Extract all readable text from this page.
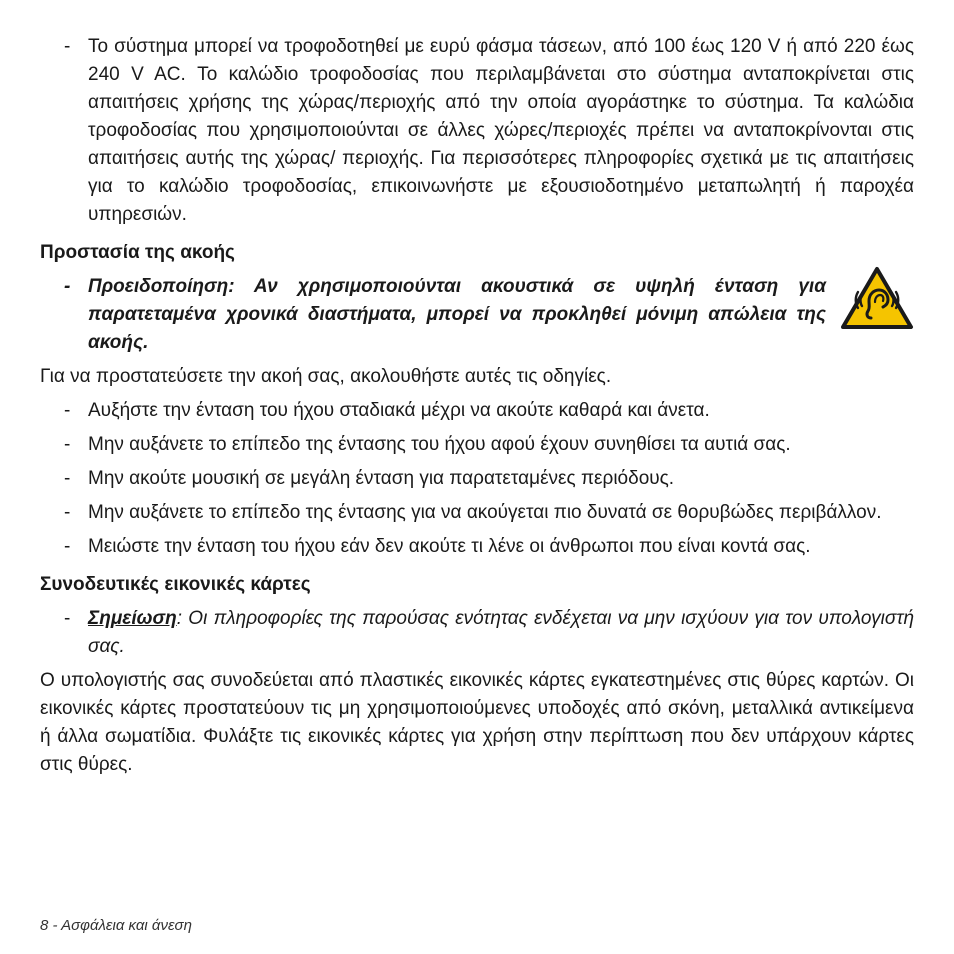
- Το σύστημα μπορεί να τροφοδοτηθεί με ευρύ φάσμα τάσεων, από 100 έως 120 V ή από 220 έως 240 V AC. Το καλώδιο τροφοδοσίας που περιλαμβάνεται στο σύστημα ανταποκρίνεται στις απαιτήσεις χρήσης της χώρας/περιοχής από την οποία αγοράστηκε το σύστημα. Τα καλώδια τροφοδοσίας που χρησιμοποιούνται σε άλλες χώρες/περιοχές πρέπει να ανταποκρίνονται στις απαιτήσεις αυτής της χώρας/ περιοχής. Για περισσότερες πληροφορίες σχετικά με τις απαιτήσεις για το καλώδιο τροφοδοσίας, επικοινωνήστε με εξουσιοδοτημένο μεταπωλητή ή παροχέα υπηρεσιών.

Προστασία της ακοής

- Προειδοποίηση: Αν χρησιμοποιούνται ακουστικά σε υψηλή ένταση για παρατεταμένα χρονικά διαστήματα, μπορεί να προκληθεί μόνιμη απώλεια της ακοής.

Για να προστατεύσετε την ακοή σας, ακολουθήστε αυτές τις οδηγίες.

- Αυξήστε την ένταση του ήχου σταδιακά μέχρι να ακούτε καθαρά και άνετα.

- Μην αυξάνετε το επίπεδο της έντασης του ήχου αφού έχουν συνηθίσει τα αυτιά σας.

- Μην ακούτε μουσική σε μεγάλη ένταση για παρατεταμένες περιόδους.

- Μην αυξάνετε το επίπεδο της έντασης για να ακούγεται πιο δυνατά σε θορυβώδες περιβάλλον.

- Μειώστε την ένταση του ήχου εάν δεν ακούτε τι λένε οι άνθρωποι που είναι κοντά σας.

Συνοδευτικές εικονικές κάρτες

- Σημείωση: Οι πληροφορίες της παρούσας ενότητας ενδέχεται να μην ισχύουν για τον υπολογιστή σας.

Ο υπολογιστής σας συνοδεύεται από πλαστικές εικονικές κάρτες εγκατεστημένες στις θύρες καρτών. Οι εικονικές κάρτες προστατεύουν τις μη χρησιμοποιούμενες υποδοχές από σκόνη, μεταλλικά αντικείμενα ή άλλα σωματίδια. Φυλάξτε τις εικονικές κάρτες για χρήση στην περίπτωση που δεν υπάρχουν κάρτες στις θύρες.

8 - Ασφάλεια και άνεση
